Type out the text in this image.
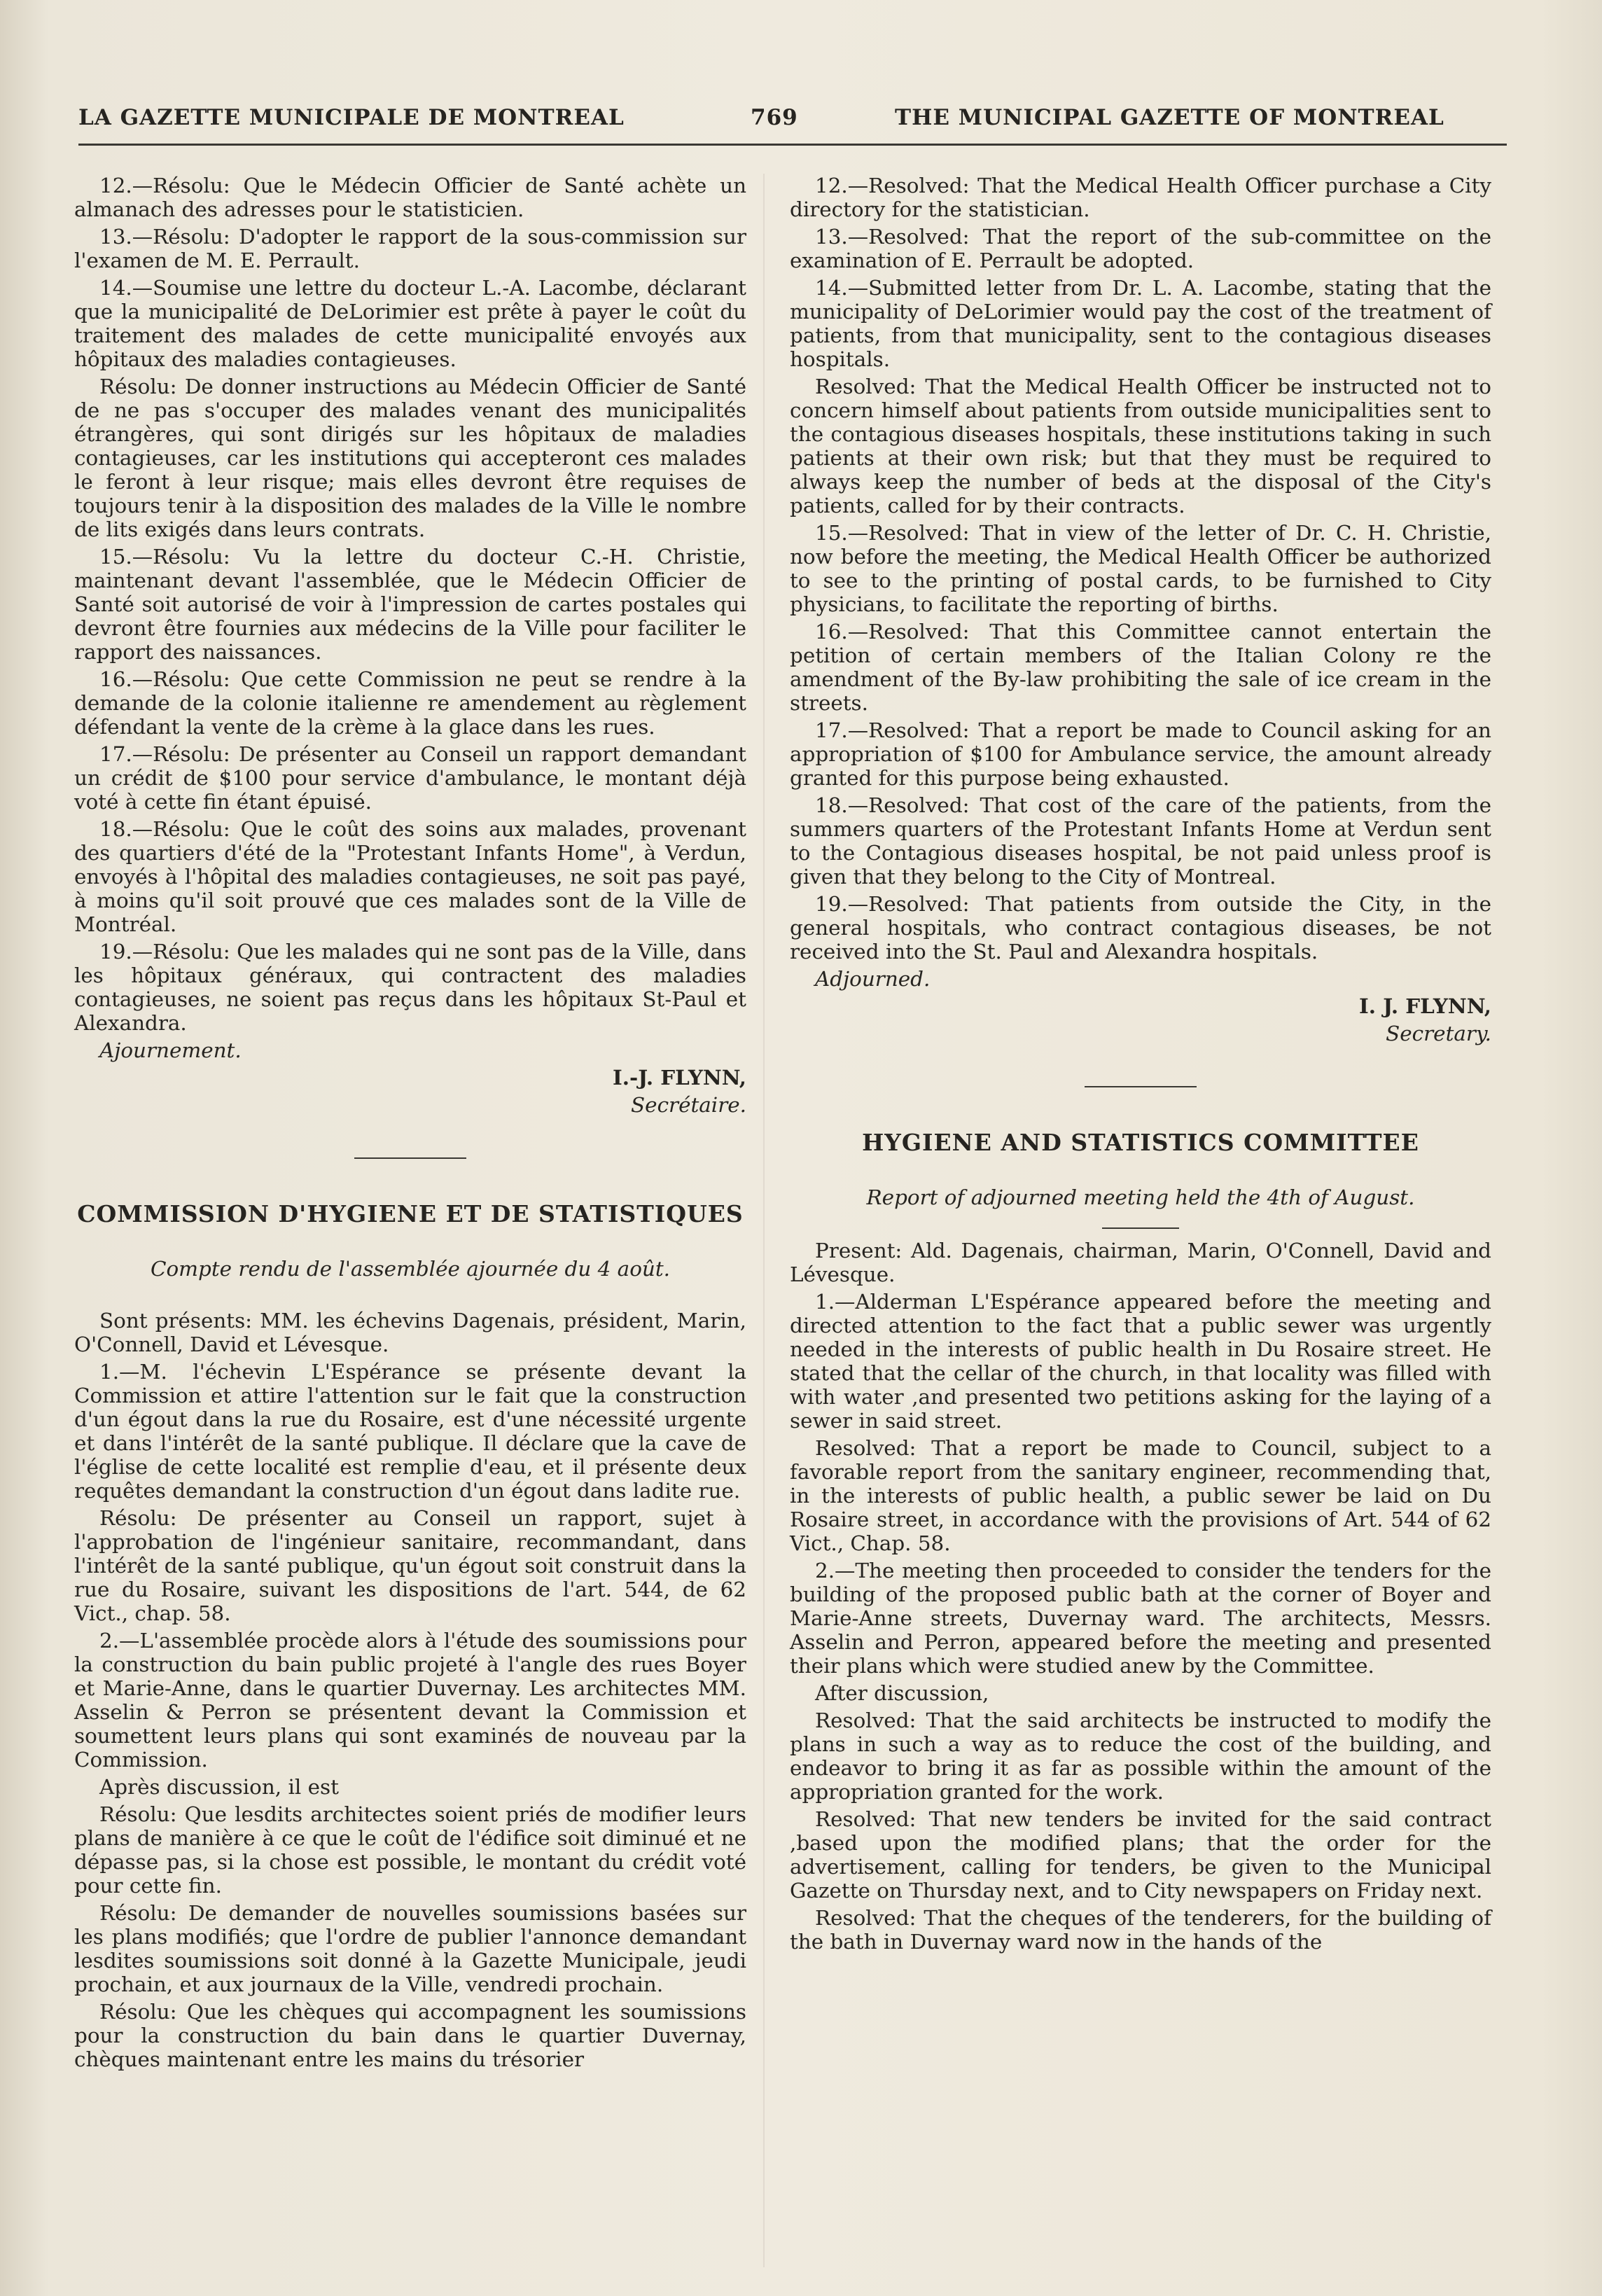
LA GAZETTE MUNICIPALE DE MONTREAL	769	THE MUNICIPAL GAZETTE OF MONTREAL

12.—Résolu: Que le Médecin Officier de Santé achète un almanach des adresses pour le statisticien.

13.—Résolu: D'adopter le rapport de la sous-commission sur l'examen de M. E. Perrault.

14.—Soumise une lettre du docteur L.-A. Lacombe, déclarant que la municipalité de DeLorimier est prête à payer le coût du traitement des malades de cette municipalité envoyés aux hôpitaux des maladies contagieuses.

Résolu: De donner instructions au Médecin Officier de Santé de ne pas s'occuper des malades venant des municipalités étrangères, qui sont dirigés sur les hôpitaux de maladies contagieuses, car les institutions qui accepteront ces malades le feront à leur risque; mais elles devront être requises de toujours tenir à la disposition des malades de la Ville le nombre de lits exigés dans leurs contrats.

15.—Résolu: Vu la lettre du docteur C.-H. Christie, maintenant devant l'assemblée, que le Médecin Officier de Santé soit autorisé de voir à l'impression de cartes postales qui devront être fournies aux médecins de la Ville pour faciliter le rapport des naissances.

16.—Résolu: Que cette Commission ne peut se rendre à la demande de la colonie italienne re amendement au règlement défendant la vente de la crème à la glace dans les rues.

17.—Résolu: De présenter au Conseil un rapport demandant un crédit de $100 pour service d'ambulance, le montant déjà voté à cette fin étant épuisé.

18.—Résolu: Que le coût des soins aux malades, provenant des quartiers d'été de la "Protestant Infants Home", à Verdun, envoyés à l'hôpital des maladies contagieuses, ne soit pas payé, à moins qu'il soit prouvé que ces malades sont de la Ville de Montréal.

19.—Résolu: Que les malades qui ne sont pas de la Ville, dans les hôpitaux généraux, qui contractent des maladies contagieuses, ne soient pas reçus dans les hôpitaux St-Paul et Alexandra.

Ajournement.

I.-J. FLYNN,

Secrétaire.

COMMISSION D'HYGIENE ET DE STATISTIQUES
Compte rendu de l'assemblée ajournée du 4 août.

Sont présents: MM. les échevins Dagenais, président, Marin, O'Connell, David et Lévesque.

1.—M. l'échevin L'Espérance se présente devant la Commission et attire l'attention sur le fait que la construction d'un égout dans la rue du Rosaire, est d'une nécessité urgente et dans l'intérêt de la santé publique. Il déclare que la cave de l'église de cette localité est remplie d'eau, et il présente deux requêtes demandant la construction d'un égout dans ladite rue.

Résolu: De présenter au Conseil un rapport, sujet à l'approbation de l'ingénieur sanitaire, recommandant, dans l'intérêt de la santé publique, qu'un égout soit construit dans la rue du Rosaire, suivant les dispositions de l'art. 544, de 62 Vict., chap. 58.

2.—L'assemblée procède alors à l'étude des soumissions pour la construction du bain public projeté à l'angle des rues Boyer et Marie-Anne, dans le quartier Duvernay. Les architectes MM. Asselin & Perron se présentent devant la Commission et soumettent leurs plans qui sont examinés de nouveau par la Commission.

Après discussion, il est

Résolu: Que lesdits architectes soient priés de modifier leurs plans de manière à ce que le coût de l'édifice soit diminué et ne dépasse pas, si la chose est possible, le montant du crédit voté pour cette fin.

Résolu: De demander de nouvelles soumissions basées sur les plans modifiés; que l'ordre de publier l'annonce demandant lesdites soumissions soit donné à la Gazette Municipale, jeudi prochain, et aux journaux de la Ville, vendredi prochain.

Résolu: Que les chèques qui accompagnent les soumissions pour la construction du bain dans le quartier Duvernay, chèques maintenant entre les mains du trésorier

12.—Resolved: That the Medical Health Officer purchase a City directory for the statistician.

13.—Resolved: That the report of the sub-committee on the examination of E. Perrault be adopted.

14.—Submitted letter from Dr. L. A. Lacombe, stating that the municipality of DeLorimier would pay the cost of the treatment of patients, from that municipality, sent to the contagious diseases hospitals.

Resolved: That the Medical Health Officer be instructed not to concern himself about patients from outside municipalities sent to the contagious diseases hospitals, these institutions taking in such patients at their own risk; but that they must be required to always keep the number of beds at the disposal of the City's patients, called for by their contracts.

15.—Resolved: That in view of the letter of Dr. C. H. Christie, now before the meeting, the Medical Health Officer be authorized to see to the printing of postal cards, to be furnished to City physicians, to facilitate the reporting of births.

16.—Resolved: That this Committee cannot entertain the petition of certain members of the Italian Colony re the amendment of the By-law prohibiting the sale of ice cream in the streets.

17.—Resolved: That a report be made to Council asking for an appropriation of $100 for Ambulance service, the amount already granted for this purpose being exhausted.

18.—Resolved: That cost of the care of the patients, from the summers quarters of the Protestant Infants Home at Verdun sent to the Contagious diseases hospital, be not paid unless proof is given that they belong to the City of Montreal.

19.—Resolved: That patients from outside the City, in the general hospitals, who contract contagious diseases, be not received into the St. Paul and Alexandra hospitals.

Adjourned.

I. J. FLYNN,

Secretary.

HYGIENE AND STATISTICS COMMITTEE
Report of adjourned meeting held the 4th of August.

Present: Ald. Dagenais, chairman, Marin, O'Connell, David and Lévesque.

1.—Alderman L'Espérance appeared before the meeting and directed attention to the fact that a public sewer was urgently needed in the interests of public health in Du Rosaire street. He stated that the cellar of the church, in that locality was filled with with water ,and presented two petitions asking for the laying of a sewer in said street.

Resolved: That a report be made to Council, subject to a favorable report from the sanitary engineer, recommending that, in the interests of public health, a public sewer be laid on Du Rosaire street, in accordance with the provisions of Art. 544 of 62 Vict., Chap. 58.

2.—The meeting then proceeded to consider the tenders for the building of the proposed public bath at the corner of Boyer and Marie-Anne streets, Duvernay ward. The architects, Messrs. Asselin and Perron, appeared before the meeting and presented their plans which were studied anew by the Committee.

After discussion,

Resolved: That the said architects be instructed to modify the plans in such a way as to reduce the cost of the building, and endeavor to bring it as far as possible within the amount of the appropriation granted for the work.

Resolved: That new tenders be invited for the said contract ,based upon the modified plans; that the order for the advertisement, calling for tenders, be given to the Municipal Gazette on Thursday next, and to City newspapers on Friday next.

Resolved: That the cheques of the tenderers, for the building of the bath in Duvernay ward now in the hands of the
